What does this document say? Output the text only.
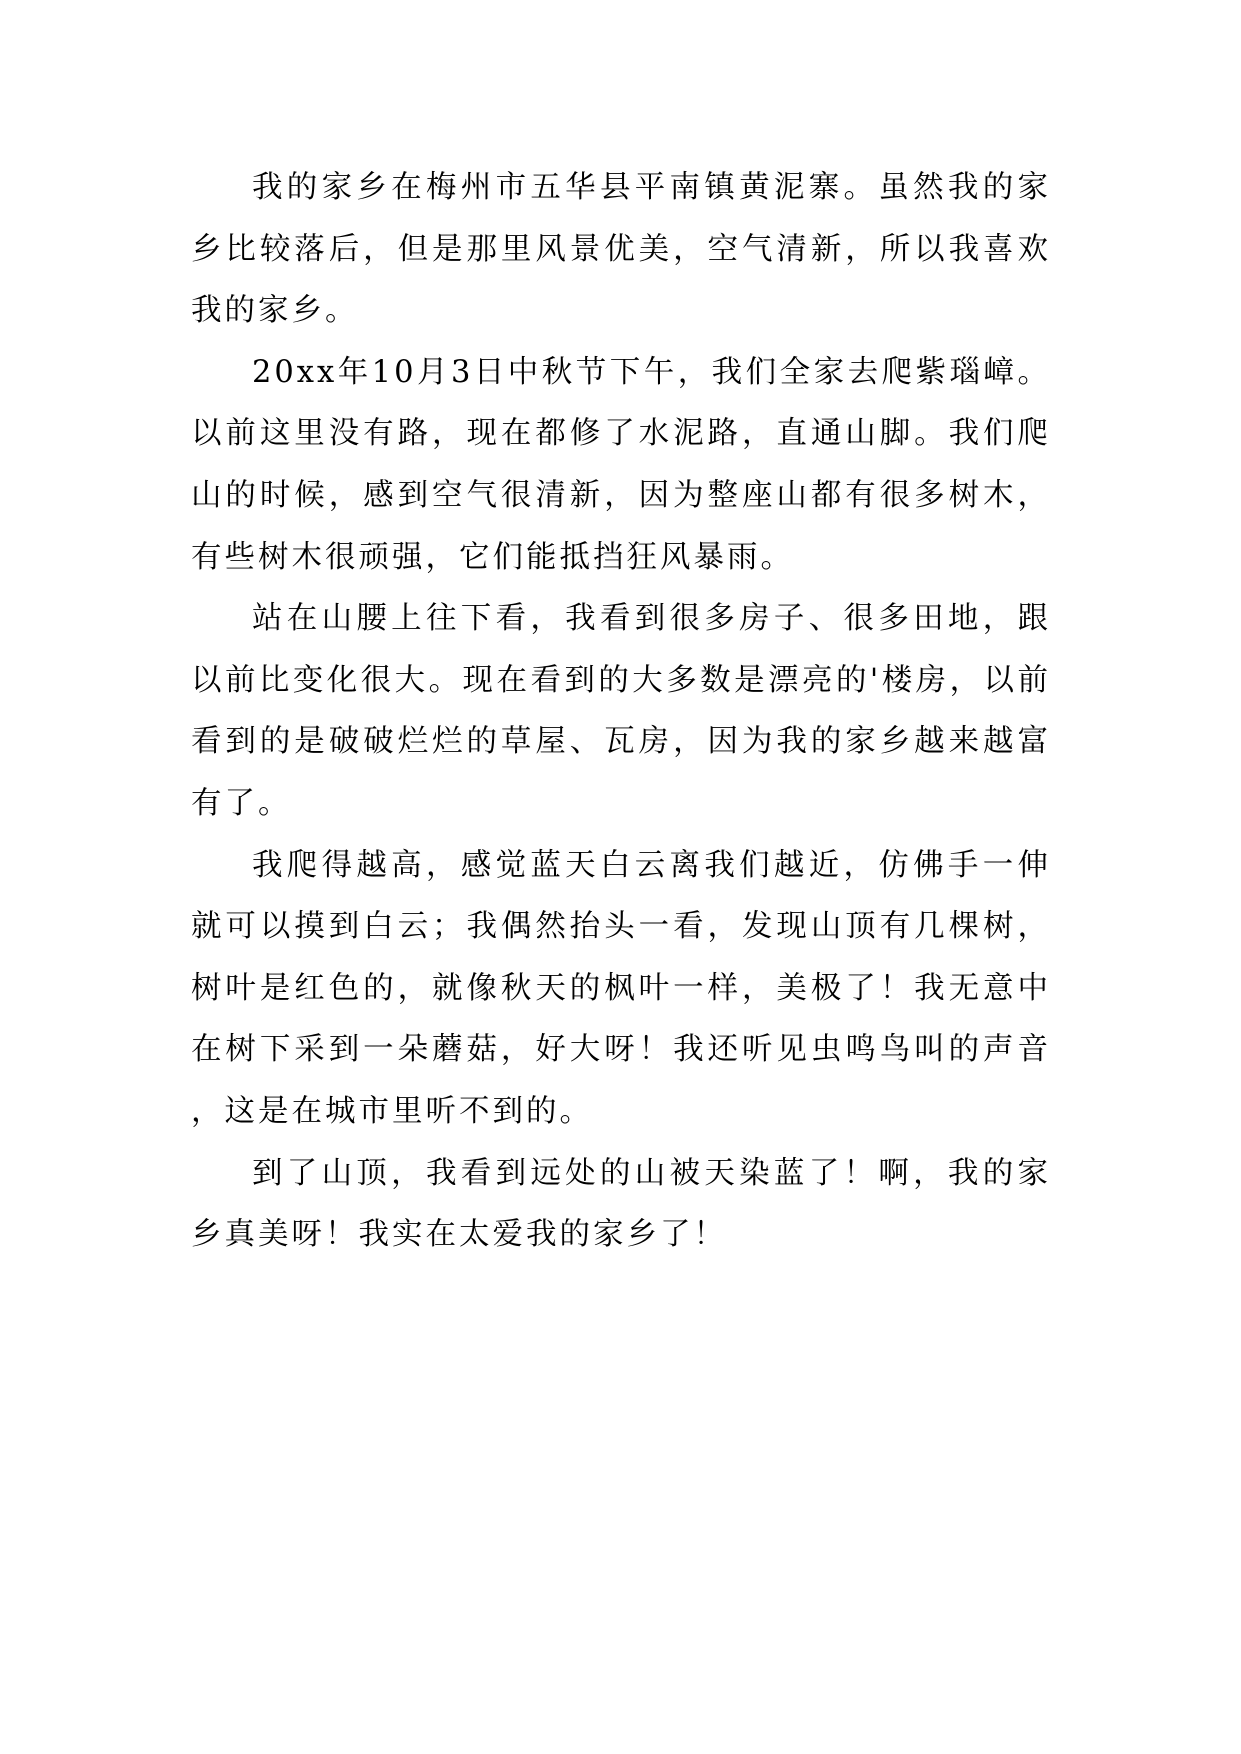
我的家乡在梅州市五华县平南镇黄泥寨。虽然我的家乡比较落后，但是那里风景优美，空气清新，所以我喜欢我的家乡。

20xx年10月3日中秋节下午，我们全家去爬紫瑙嶂。以前这里没有路，现在都修了水泥路，直通山脚。我们爬山的时候，感到空气很清新，因为整座山都有很多树木，有些树木很顽强，它们能抵挡狂风暴雨。

站在山腰上往下看，我看到很多房子、很多田地，跟以前比变化很大。现在看到的大多数是漂亮的'楼房，以前看到的是破破烂烂的草屋、瓦房，因为我的家乡越来越富有了。

我爬得越高，感觉蓝天白云离我们越近，仿佛手一伸就可以摸到白云；我偶然抬头一看，发现山顶有几棵树，树叶是红色的，就像秋天的枫叶一样，美极了！我无意中在树下采到一朵蘑菇，好大呀！我还听见虫鸣鸟叫的声音，这是在城市里听不到的。

到了山顶，我看到远处的山被天染蓝了！啊，我的家乡真美呀！我实在太爱我的家乡了！
